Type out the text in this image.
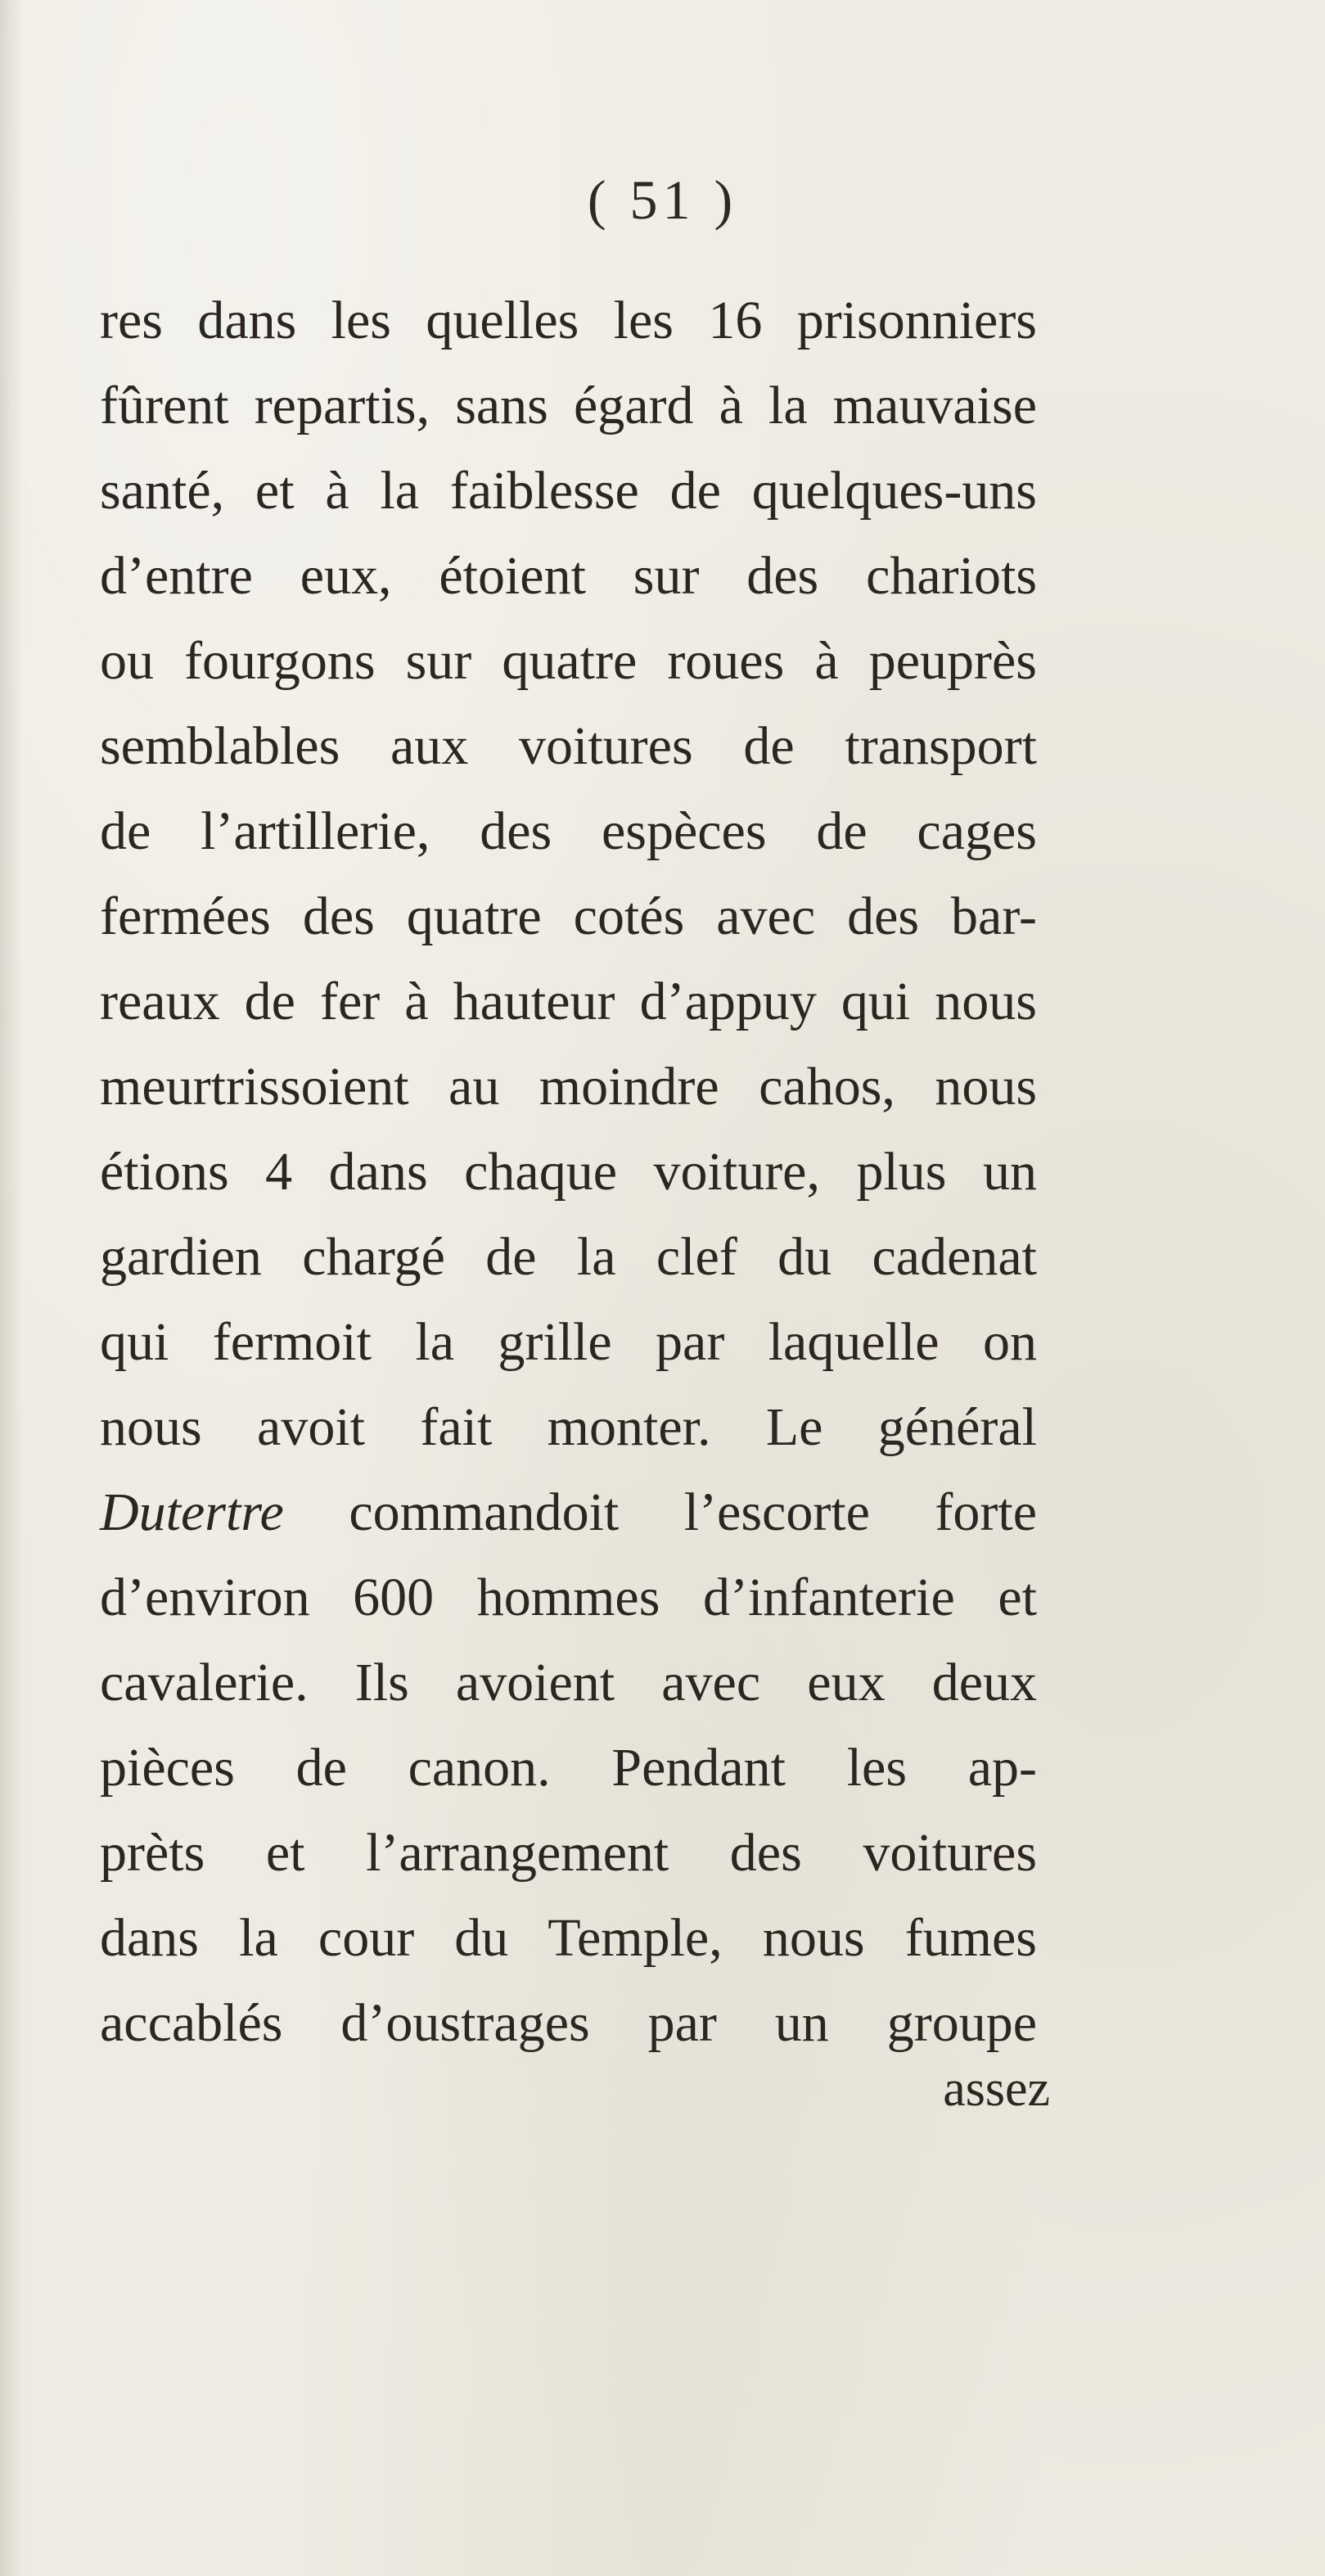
( 51 )
res dans les quelles les 16 prisonniers
fûrent repartis, sans égard à la mauvaise
santé, et à la faiblesse de quelques-uns
d’entre eux, étoient sur des chariots
ou fourgons sur quatre roues à peuprès
semblables aux voitures de transport
de l’artillerie, des espèces de cages
fermées des quatre cotés avec des bar-
reaux de fer à hauteur d’appuy qui nous
meurtrissoient au moindre cahos, nous
étions 4 dans chaque voiture, plus un
gardien chargé de la clef du cadenat
qui fermoit la grille par laquelle on
nous avoit fait monter. Le général
Dutertre commandoit l’escorte forte
d’environ 600 hommes d’infanterie et
cavalerie. Ils avoient avec eux deux
pièces de canon. Pendant les ap-
prèts et l’arrangement des voitures
dans la cour du Temple, nous fumes
accablés d’oustrages par un groupe
assez
